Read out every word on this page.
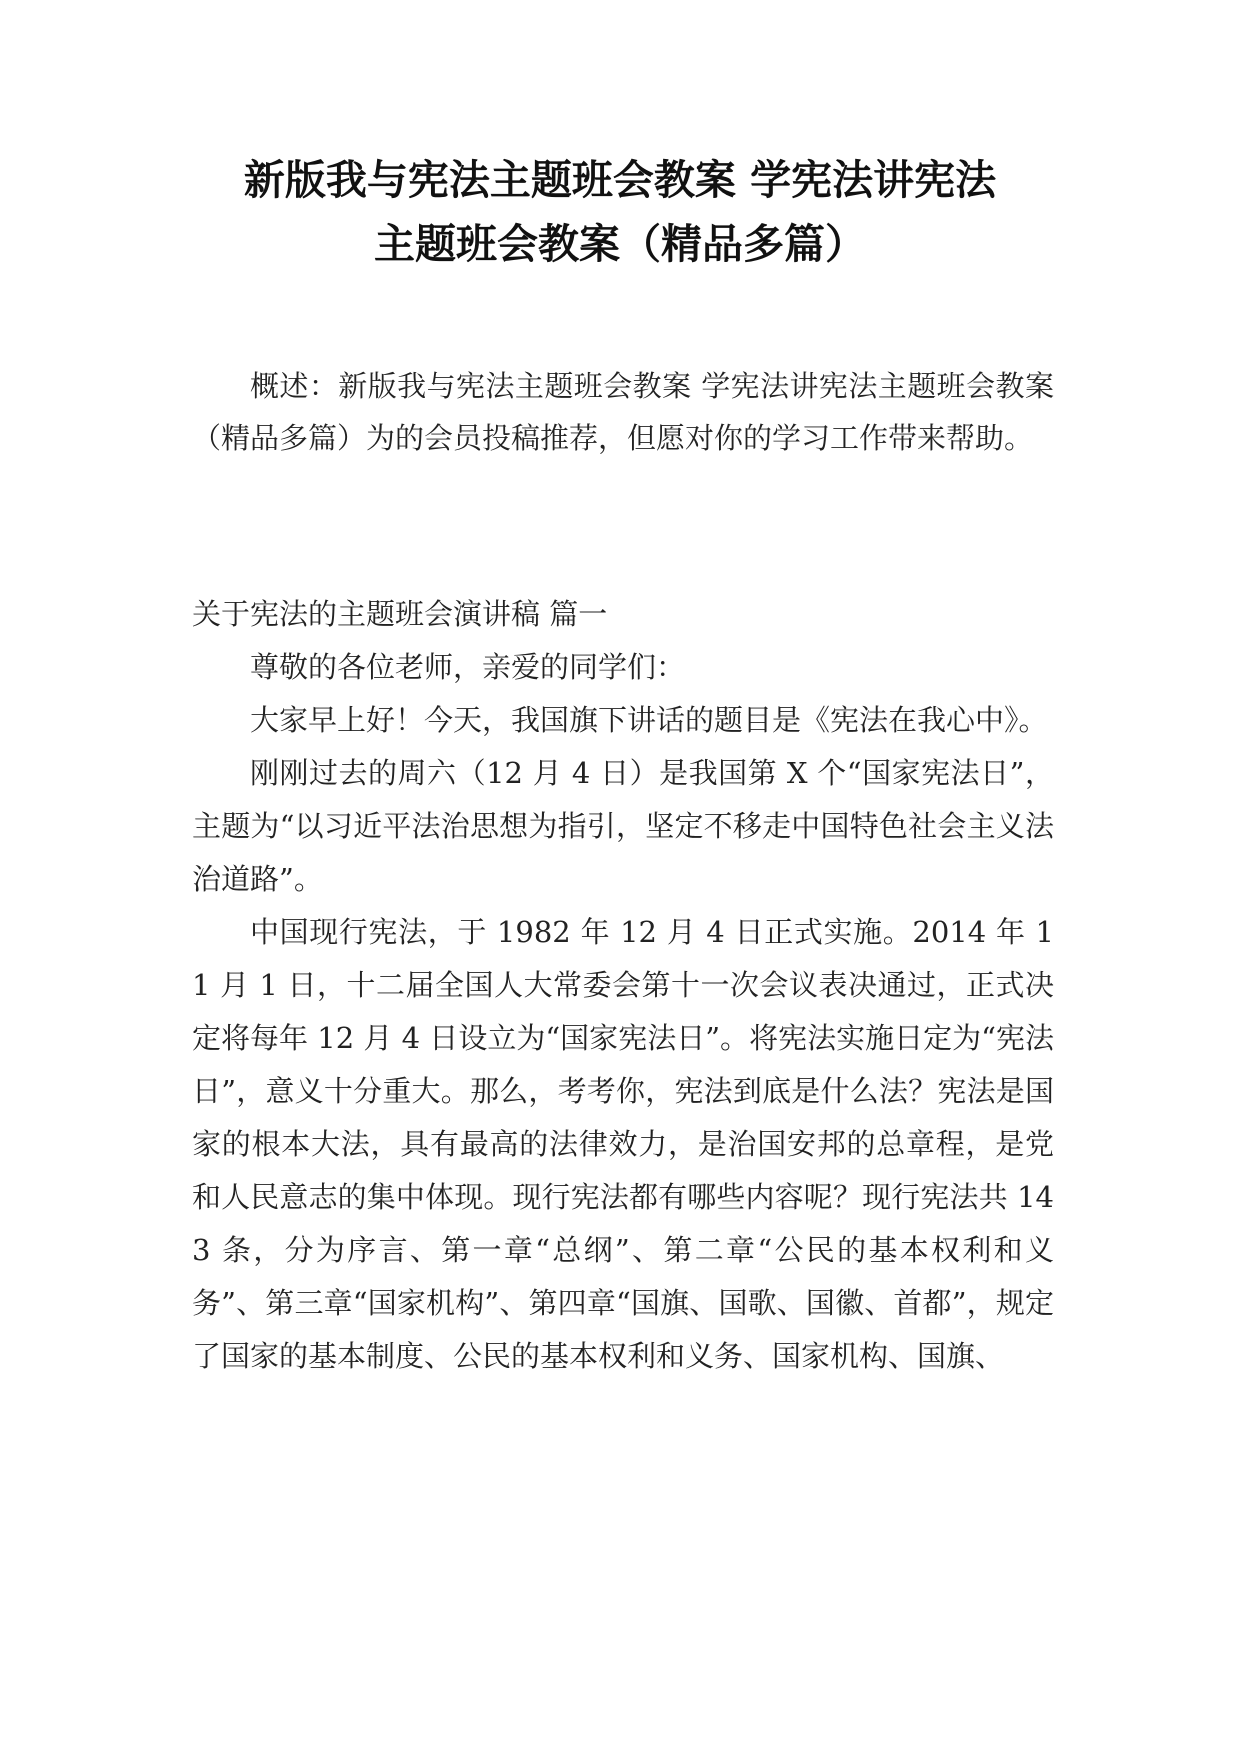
新版我与宪法主题班会教案 学宪法讲宪法
主题班会教案（精品多篇）

概述：新版我与宪法主题班会教案 学宪法讲宪法主题班会教案（精品多篇）为的会员投稿推荐，但愿对你的学习工作带来帮助。

关于宪法的主题班会演讲稿 篇一

尊敬的各位老师，亲爱的同学们：

大家早上好！今天，我国旗下讲话的题目是《宪法在我心中》。

刚刚过去的周六（12 月 4 日）是我国第 X 个“国家宪法日”，主题为“以习近平法治思想为指引，坚定不移走中国特色社会主义法治道路”。

中国现行宪法，于 1982 年 12 月 4 日正式实施。2014 年 11 月 1 日，十二届全国人大常委会第十一次会议表决通过，正式决定将每年 12 月 4 日设立为“国家宪法日”。将宪法实施日定为“宪法日”，意义十分重大。那么，考考你，宪法到底是什么法？宪法是国家的根本大法，具有最高的法律效力，是治国安邦的总章程，是党和人民意志的集中体现。现行宪法都有哪些内容呢？现行宪法共 143 条，分为序言、第一章“总纲”、第二章“公民的基本权利和义务”、第三章“国家机构”、第四章“国旗、国歌、国徽、首都”，规定了国家的基本制度、公民的基本权利和义务、国家机构、国旗、
